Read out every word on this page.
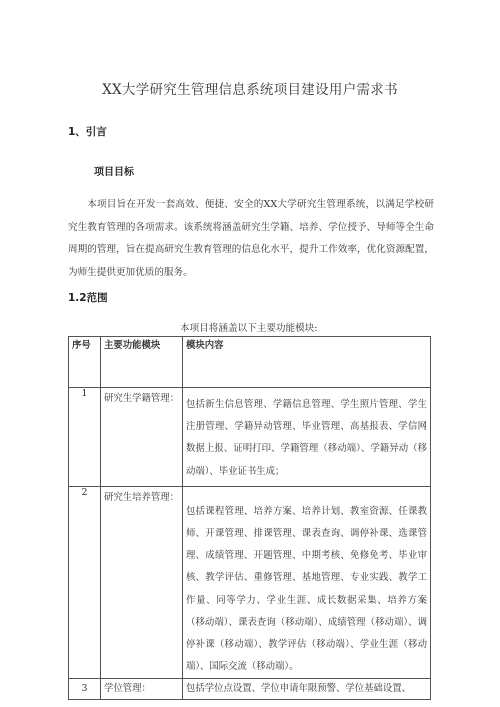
XX大学研究生管理信息系统项目建设用户需求书
1、引言
项目目标
本项目旨在开发一套高效、便捷、安全的XX大学研究生管理系统，以满足学校研究生教育管理的各项需求。该系统将涵盖研究生学籍、培养、学位授予、导师等全生命周期的管理，旨在提高研究生教育管理的信息化水平，提升工作效率，优化资源配置，为师生提供更加优质的服务。
1.2范围
本项目将涵盖以下主要功能模块:
序号	主要功能模块	模块内容
1	研究生学籍管理：	包括新生信息管理、学籍信息管理、学生照片管理、学生注册管理、学籍异动管理、毕业管理、高基报表、学信网数据上报、证明打印、学籍管理（移动端）、学籍异动（移动端）、毕业证书生成；
2	研究生培养管理：	包括课程管理、培养方案、培养计划、教室资源、任课教师、开课管理、排课管理、课表查询、调停补课、选课管理、成绩管理、开题管理、中期考核、免修免考、毕业审核、教学评估、重修管理、基地管理、专业实践、教学工作量、同等学力、学业生涯、成长数据采集、培养方案（移动端）、课表查询（移动端）、成绩管理（移动端）、调停补课（移动端）、教学评估（移动端）、学业生涯（移动端）、国际交流（移动端）。
3	学位管理：	包括学位点设置、学位申请年限预警、学位基础设置、
